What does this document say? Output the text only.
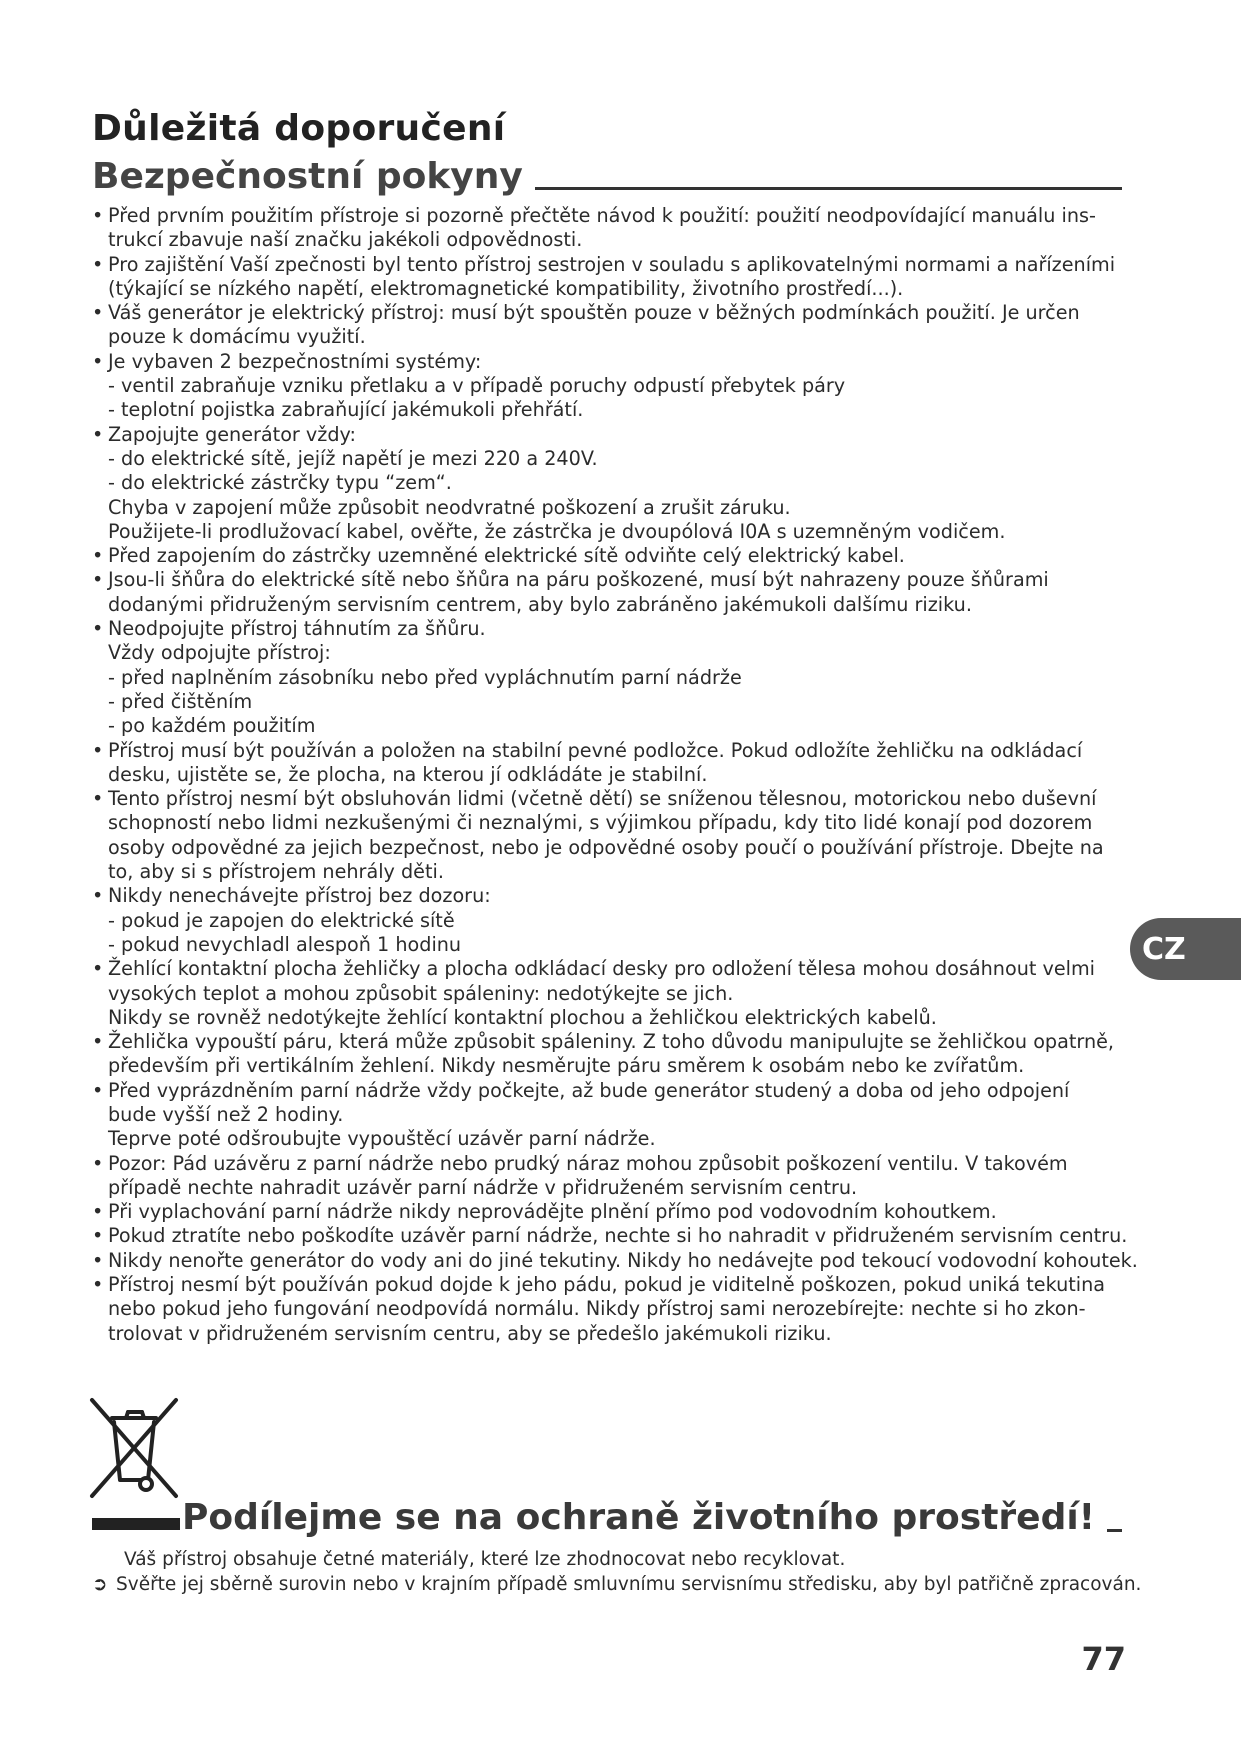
Důležitá doporučení
Bezpečnostní pokyny
• Před prvním použitím přístroje si pozorně přečtěte návod k použití: použití neodpovídající manuálu ins-
trukcí zbavuje naší značku jakékoli odpovědnosti.
• Pro zajištění Vaší zpečnosti byl tento přístroj sestrojen v souladu s aplikovatelnými normami a nařízeními
(týkající se nízkého napětí, elektromagnetické kompatibility, životního prostředí...).
• Váš generátor je elektrický přístroj: musí být spouštěn pouze v běžných podmínkách použití. Je určen
pouze k domácímu využití.
• Je vybaven 2 bezpečnostními systémy:
- ventil zabraňuje vzniku přetlaku a v případě poruchy odpustí přebytek páry
- teplotní pojistka zabraňující jakémukoli přehřátí.
• Zapojujte generátor vždy:
- do elektrické sítě, jejíž napětí je mezi 220 a 240V.
- do elektrické zástrčky typu “zem“.
Chyba v zapojení může způsobit neodvratné poškození a zrušit záruku.
Použijete-li prodlužovací kabel, ověřte, že zástrčka je dvoupólová I0A s uzemněným vodičem.
• Před zapojením do zástrčky uzemněné elektrické sítě odviňte celý elektrický kabel.
• Jsou-li šňůra do elektrické sítě nebo šňůra na páru poškozené, musí být nahrazeny pouze šňůrami
dodanými přidruženým servisním centrem, aby bylo zabráněno jakémukoli dalšímu riziku.
• Neodpojujte přístroj táhnutím za šňůru.
Vždy odpojujte přístroj:
- před naplněním zásobníku nebo před vypláchnutím parní nádrže
- před čištěním
- po každém použitím
• Přístroj musí být používán a položen na stabilní pevné podložce. Pokud odložíte žehličku na odkládací
desku, ujistěte se, že plocha, na kterou jí odkládáte je stabilní.
• Tento přístroj nesmí být obsluhován lidmi (včetně dětí) se sníženou tělesnou, motorickou nebo duševní
schopností nebo lidmi nezkušenými či neznalými, s výjimkou případu, kdy tito lidé konají pod dozorem
osoby odpovědné za jejich bezpečnost, nebo je odpovědné osoby poučí o používání přístroje. Dbejte na
to, aby si s přístrojem nehrály děti.
• Nikdy nenechávejte přístroj bez dozoru:
- pokud je zapojen do elektrické sítě
- pokud nevychladl alespoň 1 hodinu
• Žehlící kontaktní plocha žehličky a plocha odkládací desky pro odložení tělesa mohou dosáhnout velmi
vysokých teplot a mohou způsobit spáleniny: nedotýkejte se jich.
Nikdy se rovněž nedotýkejte žehlící kontaktní plochou a žehličkou elektrických kabelů.
• Žehlička vypouští páru, která může způsobit spáleniny. Z toho důvodu manipulujte se žehličkou opatrně,
především při vertikálním žehlení. Nikdy nesměrujte páru směrem k osobám nebo ke zvířatům.
• Před vyprázdněním parní nádrže vždy počkejte, až bude generátor studený a doba od jeho odpojení
bude vyšší než 2 hodiny.
Teprve poté odšroubujte vypouštěcí uzávěr parní nádrže.
• Pozor: Pád uzávěru z parní nádrže nebo prudký náraz mohou způsobit poškození ventilu. V takovém
případě nechte nahradit uzávěr parní nádrže v přidruženém servisním centru.
• Při vyplachování parní nádrže nikdy neprovádějte plnění přímo pod vodovodním kohoutkem.
• Pokud ztratíte nebo poškodíte uzávěr parní nádrže, nechte si ho nahradit v přidruženém servisním centru.
• Nikdy nenořte generátor do vody ani do jiné tekutiny. Nikdy ho nedávejte pod tekoucí vodovodní kohoutek.
• Přístroj nesmí být používán pokud dojde k jeho pádu, pokud je viditelně poškozen, pokud uniká tekutina
nebo pokud jeho fungování neodpovídá normálu. Nikdy přístroj sami nerozebírejte: nechte si ho zkon-
trolovat v přidruženém servisním centru, aby se předešlo jakémukoli riziku.
Podílejme se na ochraně životního prostředí!
Váš přístroj obsahuje četné materiály, které lze zhodnocovat nebo recyklovat.
➲ Svěřte jej sběrně surovin nebo v krajním případě smluvnímu servisnímu středisku, aby byl patřičně zpracován.
CZ
77
